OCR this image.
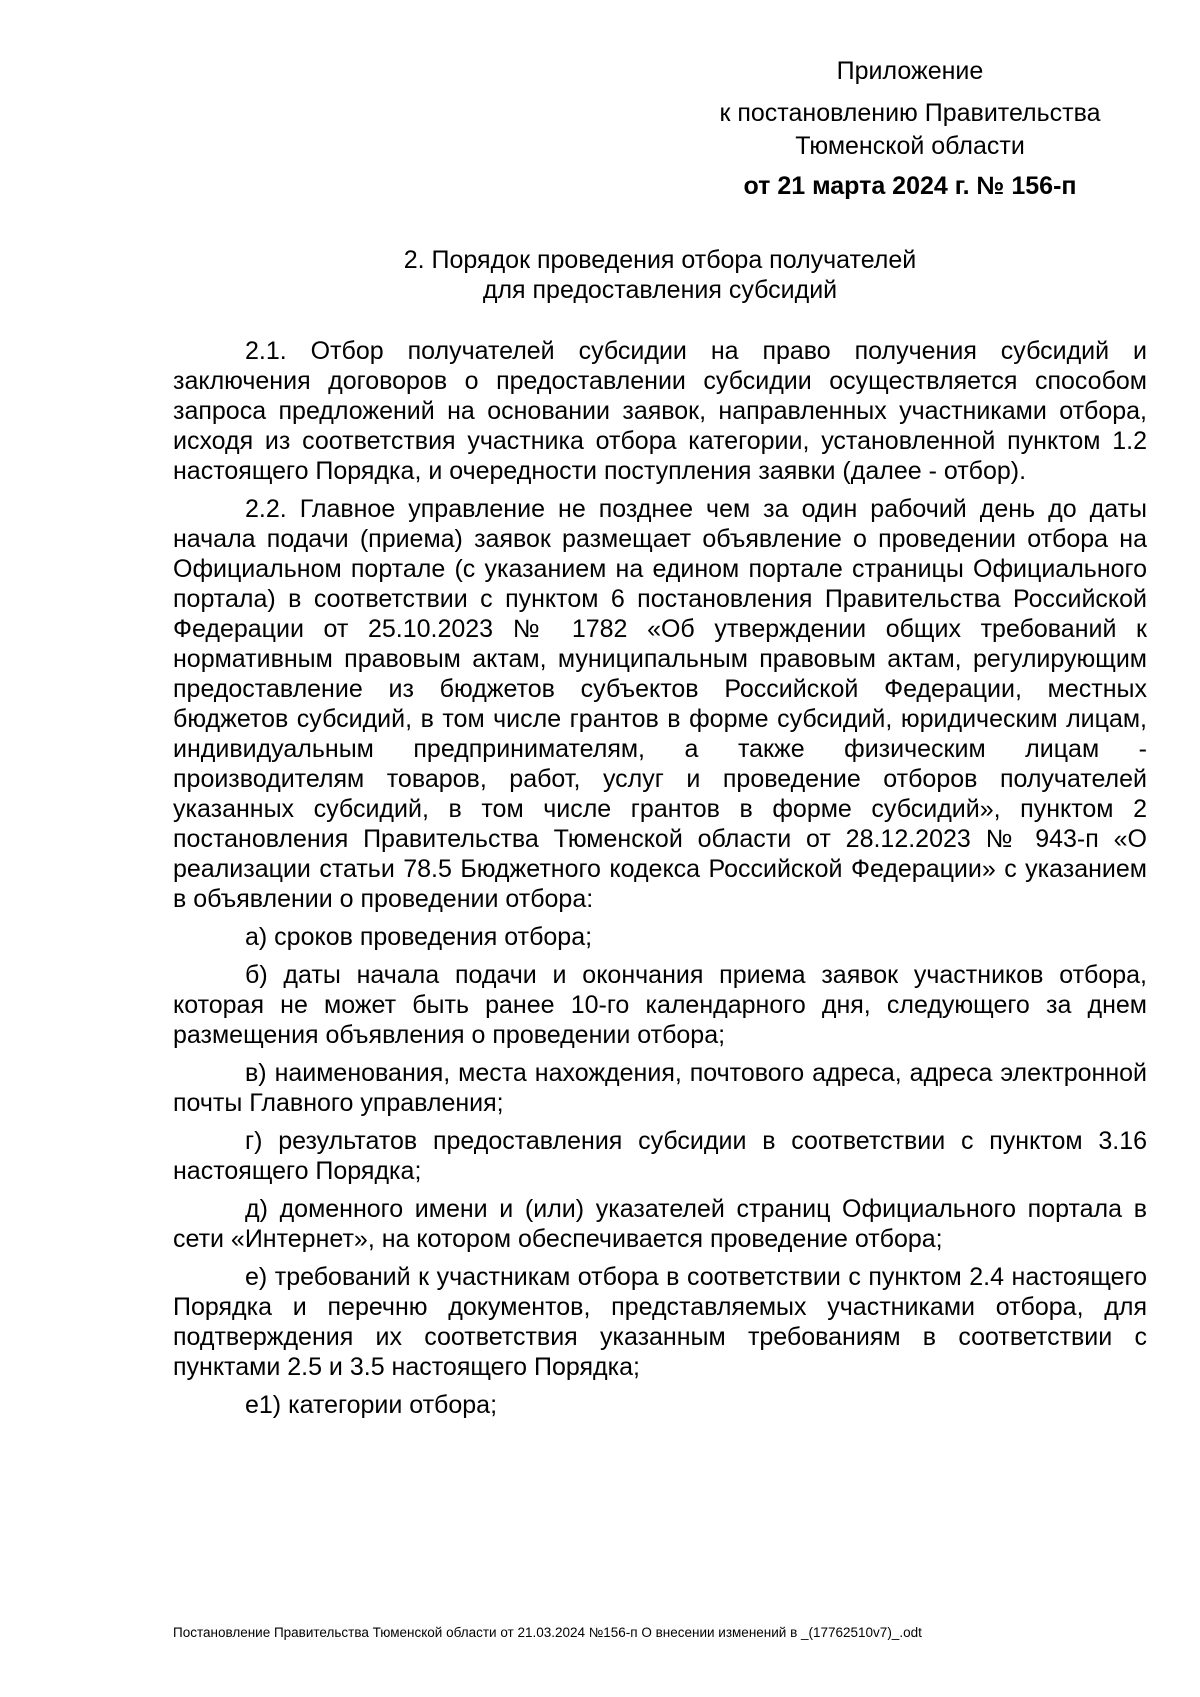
Приложение
к постановлению Правительства Тюменской области
от 21 марта 2024 г. № 156-п
2. Порядок проведения отбора получателей для предоставления субсидий

2.1. Отбор получателей субсидии на право получения субсидий и заключения договоров о предоставлении субсидии осуществляется способом запроса предложений на основании заявок, направленных участниками отбора, исходя из соответствия участника отбора категории, установленной пунктом 1.2 настоящего Порядка, и очередности поступления заявки (далее - отбор).

2.2. Главное управление не позднее чем за один рабочий день до даты начала подачи (приема) заявок размещает объявление о проведении отбора на Официальном портале (с указанием на едином портале страницы Официального портала) в соответствии с пунктом 6 постановления Правительства Российской Федерации от 25.10.2023 № 1782 «Об утверждении общих требований к нормативным правовым актам, муниципальным правовым актам, регулирующим предоставление из бюджетов субъектов Российской Федерации, местных бюджетов субсидий, в том числе грантов в форме субсидий, юридическим лицам, индивидуальным предпринимателям, а также физическим лицам - производителям товаров, работ, услуг и проведение отборов получателей указанных субсидий, в том числе грантов в форме субсидий», пунктом 2 постановления Правительства Тюменской области от 28.12.2023 № 943-п «О реализации статьи 78.5 Бюджетного кодекса Российской Федерации» с указанием в объявлении о проведении отбора:

а) сроков проведения отбора;

б) даты начала подачи и окончания приема заявок участников отбора, которая не может быть ранее 10-го календарного дня, следующего за днем размещения объявления о проведении отбора;

в) наименования, места нахождения, почтового адреса, адреса электронной почты Главного управления;

г) результатов предоставления субсидии в соответствии с пунктом 3.16 настоящего Порядка;

д) доменного имени и (или) указателей страниц Официального портала в сети «Интернет», на котором обеспечивается проведение отбора;

е) требований к участникам отбора в соответствии с пунктом 2.4 настоящего Порядка и перечню документов, представляемых участниками отбора, для подтверждения их соответствия указанным требованиям в соответствии с пунктами 2.5 и 3.5 настоящего Порядка;

е1) категории отбора;

Постановление Правительства Тюменской области от 21.03.2024 №156-п О внесении изменений в _(17762510v7)_.odt
